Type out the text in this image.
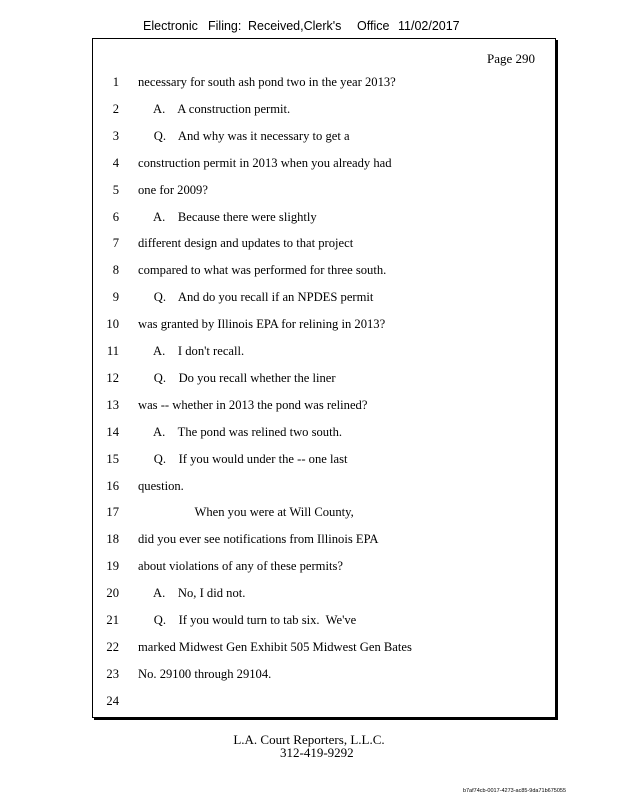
Electronic Filing: Received,Clerk's Office 11/02/2017
Page 290
1 necessary for south ash pond two in the year 2013?
2 A.    A construction permit.
3 Q.    And why was it necessary to get a
4 construction permit in 2013 when you already had
5 one for 2009?
6 A.    Because there were slightly
7 different design and updates to that project
8 compared to what was performed for three south.
9 Q.    And do you recall if an NPDES permit
10 was granted by Illinois EPA for relining in 2013?
11 A.    I don't recall.
12 Q.    Do you recall whether the liner
13 was -- whether in 2013 the pond was relined?
14 A.    The pond was relined two south.
15 Q.    If you would under the -- one last
16 question.
17 When you were at Will County,
18 did you ever see notifications from Illinois EPA
19 about violations of any of these permits?
20 A.    No, I did not.
21 Q.    If you would turn to tab six.  We've
22 marked Midwest Gen Exhibit 505 Midwest Gen Bates
23 No. 29100 through 29104.
24
L.A. Court Reporters, L.L.C.
312-419-9292
b7af74cb-0017-4273-ac85-9da71b675055
